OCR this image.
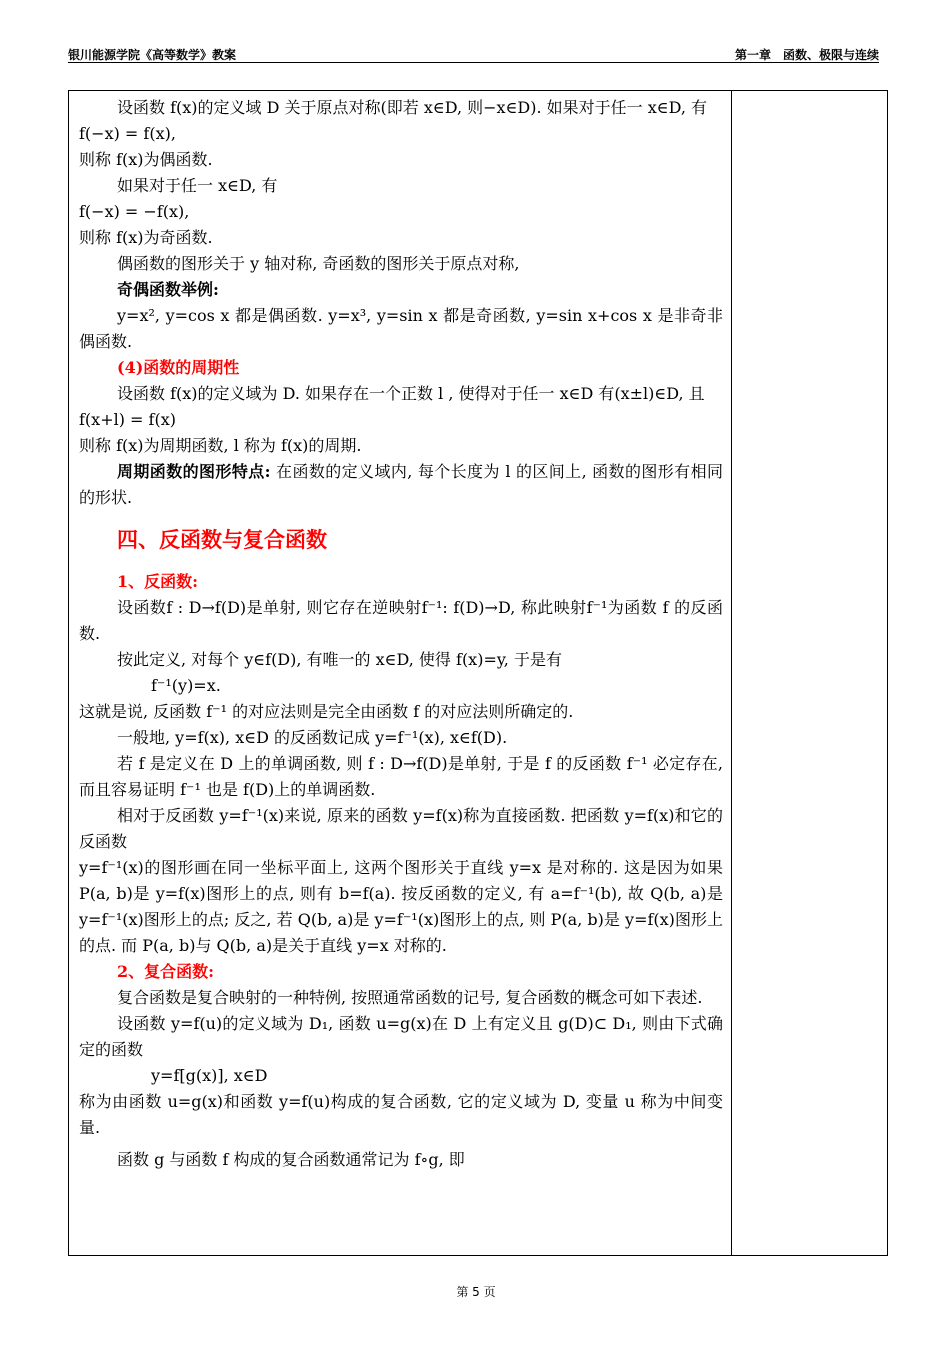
银川能源学院《高等数学》教案	第一章　函数、极限与连续

设函数 f(x)的定义域 D 关于原点对称(即若 x∈D, 则−x∈D). 如果对于任一 x∈D, 有

f(−x) = f(x),

则称 f(x)为偶函数.

如果对于任一 x∈D, 有

f(−x) = −f(x),

则称 f(x)为奇函数.

偶函数的图形关于 y 轴对称, 奇函数的图形关于原点对称,

奇偶函数举例:

y=x², y=cos x 都是偶函数. y=x³, y=sin x 都是奇函数, y=sin x+cos x 是非奇非偶函数.

(4)函数的周期性

设函数 f(x)的定义域为 D. 如果存在一个正数 l , 使得对于任一 x∈D 有(x±l)∈D, 且

f(x+l) = f(x)

则称 f(x)为周期函数, l 称为 f(x)的周期.

周期函数的图形特点: 在函数的定义域内, 每个长度为 l 的区间上, 函数的图形有相同的形状.

四、反函数与复合函数

1、反函数:

设函数f : D→f(D)是单射, 则它存在逆映射f⁻¹: f(D)→D, 称此映射f⁻¹为函数 f 的反函数.

按此定义, 对每个 y∈f(D), 有唯一的 x∈D, 使得 f(x)=y, 于是有

f⁻¹(y)=x.

这就是说, 反函数 f⁻¹ 的对应法则是完全由函数 f 的对应法则所确定的.

一般地, y=f(x), x∈D 的反函数记成 y=f⁻¹(x), x∈f(D).

若 f 是定义在 D 上的单调函数, 则 f : D→f(D)是单射, 于是 f 的反函数 f⁻¹ 必定存在, 而且容易证明 f⁻¹ 也是 f(D)上的单调函数.

相对于反函数 y=f⁻¹(x)来说, 原来的函数 y=f(x)称为直接函数. 把函数 y=f(x)和它的反函数

y=f⁻¹(x)的图形画在同一坐标平面上, 这两个图形关于直线 y=x 是对称的. 这是因为如果 P(a, b)是 y=f(x)图形上的点, 则有 b=f(a). 按反函数的定义, 有 a=f⁻¹(b), 故 Q(b, a)是 y=f⁻¹(x)图形上的点; 反之, 若 Q(b, a)是 y=f⁻¹(x)图形上的点, 则 P(a, b)是 y=f(x)图形上的点. 而 P(a, b)与 Q(b, a)是关于直线 y=x 对称的.

2、复合函数:

复合函数是复合映射的一种特例, 按照通常函数的记号, 复合函数的概念可如下表述.

设函数 y=f(u)的定义域为 D₁, 函数 u=g(x)在 D 上有定义且 g(D)⊂ D₁, 则由下式确定的函数

y=f[g(x)], x∈D

称为由函数 u=g(x)和函数 y=f(u)构成的复合函数, 它的定义域为 D, 变量 u 称为中间变量.

函数 g 与函数 f 构成的复合函数通常记为 f∘g, 即

第 5 页
